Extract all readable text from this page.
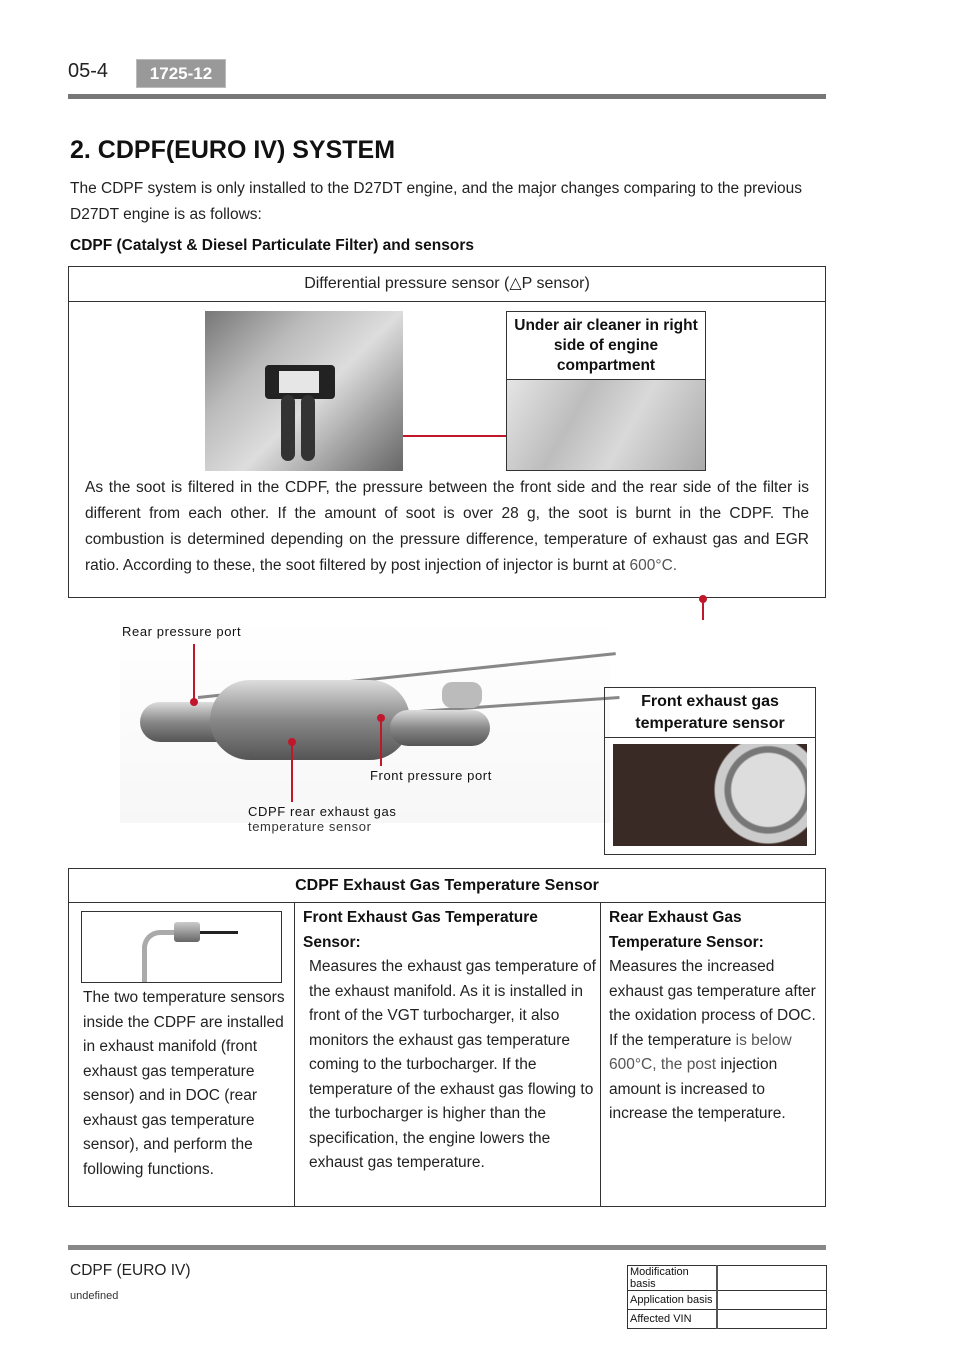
05-4	1725-12
2. CDPF(EURO IV) SYSTEM
The CDPF system is only installed to the D27DT engine, and the major changes comparing to the previous D27DT engine is as follows:
CDPF (Catalyst & Diesel Particulate Filter) and sensors
Differential pressure sensor (△P sensor)
Under air cleaner in right side of engine compartment
As the soot is filtered in the CDPF, the pressure between the front side and the rear side of the filter is different from each other. If the amount of soot is over 28 g, the soot is burnt in the CDPF. The combustion is determined depending on the pressure difference, temperature of exhaust gas and EGR ratio. According to these, the soot filtered by post injection of injector is burnt at 600°C.
Rear pressure port
Front pressure port
CDPF rear exhaust gas
temperature sensor
Front exhaust gas temperature sensor
CDPF Exhaust Gas Temperature Sensor
The two temperature sensors inside the CDPF are installed in exhaust manifold (front exhaust gas temperature sensor) and in DOC (rear exhaust gas temperature sensor), and perform the following functions.
Front Exhaust Gas Temperature Sensor:
Measures the exhaust gas temperature of the exhaust manifold. As it is installed in front of the VGT turbocharger, it also monitors the exhaust gas temperature coming to the turbocharger. If the temperature of the exhaust gas flowing to the turbocharger is higher than the specification, the engine lowers the exhaust gas temperature.
Rear Exhaust Gas Temperature Sensor:
Measures the increased exhaust gas temperature after the oxidation process of DOC. If the temperature is below 600°C, the post injection amount is increased to increase the temperature.
CDPF (EURO IV)
undefined
Modification basis	
Application basis	
Affected VIN	
